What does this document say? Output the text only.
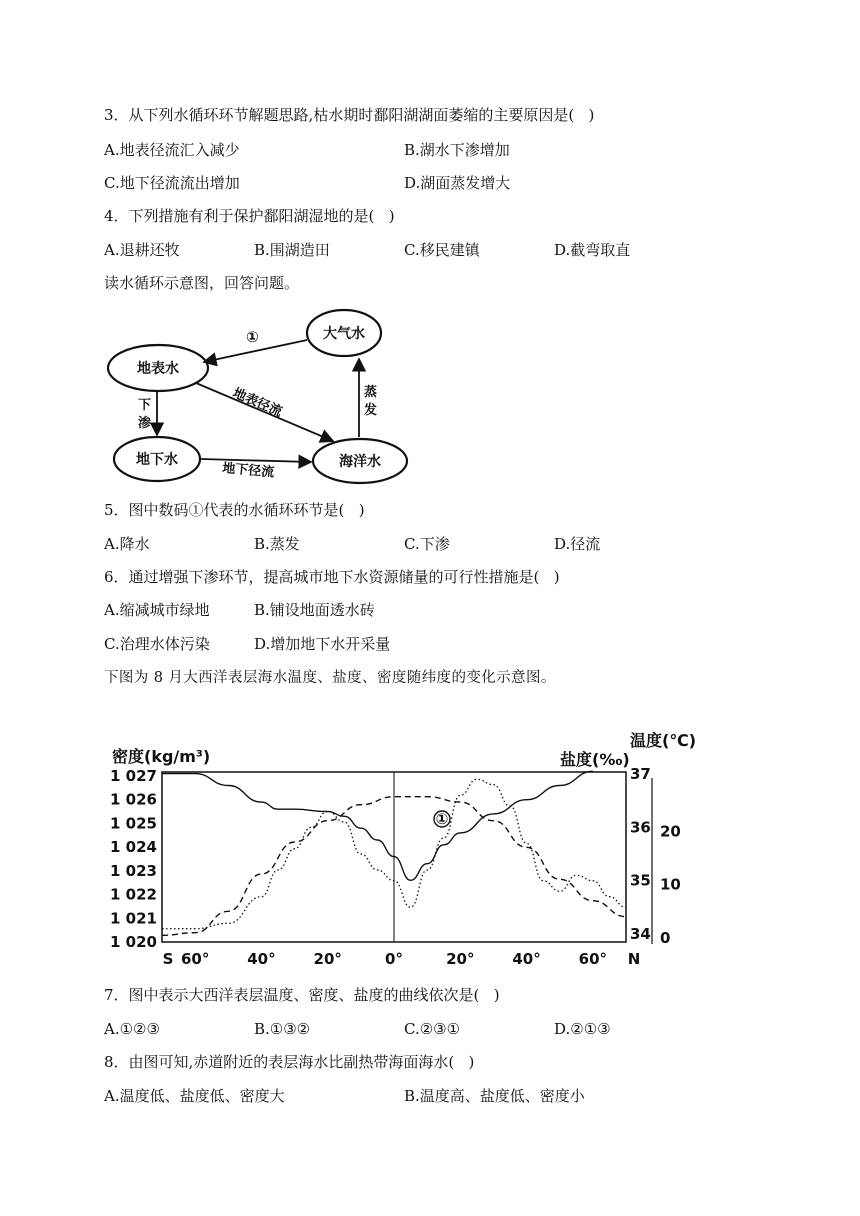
3．从下列水循环环节解题思路,枯水期时鄱阳湖湖面萎缩的主要原因是(   )
A.地表径流汇入减少	B.湖水下渗增加
C.地下径流流出增加	D.湖面蒸发增大
4．下列措施有利于保护鄱阳湖湿地的是(   )
A.退耕还牧	B.围湖造田	C.移民建镇	D.截弯取直
读水循环示意图，回答问题。
大气水
地表水
地下水	海洋水
①
地表径流
下
渗
蒸
发
地下径流
5．图中数码①代表的水循环环节是(   )
A.降水	B.蒸发	C.下渗	D.径流
6．通过增强下渗环节，提高城市地下水资源储量的可行性措施是(   )
A.缩减城市绿地	B.铺设地面透水砖
C.治理水体污染	D.增加地下水开采量
下图为 8 月大西洋表层海水温度、盐度、密度随纬度的变化示意图。
密度(kg/m³)
温度(℃)
盐度(‰)
1 027
1 026
1 025
1 024
1 023
1 022
1 021
1 020
37
36
35
34
20
10
0
S 60°	40°	20°	0°	20°	40°	60° N
①
7．图中表示大西洋表层温度、密度、盐度的曲线依次是(   )
A.①②③	B.①③②	C.②③①	D.②①③
8．由图可知,赤道附近的表层海水比副热带海面海水(   )
A.温度低、盐度低、密度大	B.温度高、盐度低、密度小
